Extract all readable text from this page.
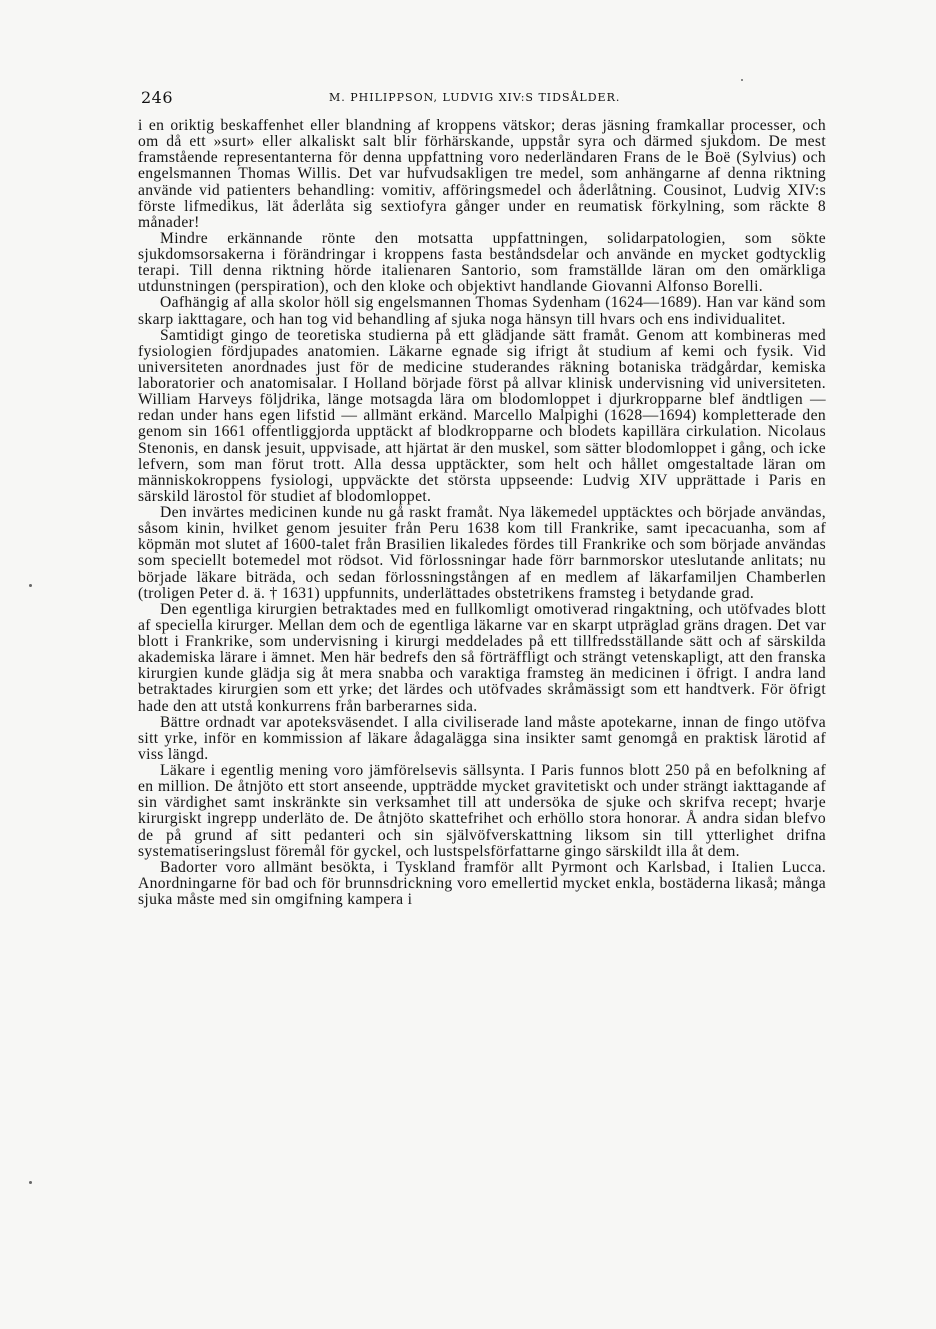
246	M. PHILIPPSON, LUDVIG XIV:S TIDSÅLDER.

i en oriktig beskaffenhet eller blandning af kroppens vätskor; deras jäsning framkallar processer, och om då ett »surt» eller alkaliskt salt blir förhärskande, uppstår syra och därmed sjukdom. De mest framstående representanterna för denna uppfattning voro nederländaren Frans de le Boë (Sylvius) och engelsmannen Thomas Willis. Det var hufvudsakligen tre medel, som anhängarne af denna riktning använde vid patienters behandling: vomitiv, afföringsmedel och åderlåtning. Cousinot, Ludvig XIV:s förste lifmedikus, lät åderlåta sig sextiofyra gånger under en reumatisk förkylning, som räckte 8 månader!

Mindre erkännande rönte den motsatta uppfattningen, solidarpatologien, som sökte sjukdomsorsakerna i förändringar i kroppens fasta beståndsdelar och använde en mycket godtycklig terapi. Till denna riktning hörde italienaren Santorio, som framställde läran om den omärkliga utdunstningen (perspiration), och den kloke och objektivt handlande Giovanni Alfonso Borelli.

Oafhängig af alla skolor höll sig engelsmannen Thomas Sydenham (1624—1689). Han var känd som skarp iakttagare, och han tog vid behandling af sjuka noga hänsyn till hvars och ens individualitet.

Samtidigt gingo de teoretiska studierna på ett glädjande sätt framåt. Genom att kombineras med fysiologien fördjupades anatomien. Läkarne egnade sig ifrigt åt studium af kemi och fysik. Vid universiteten anordnades just för de medicine studerandes räkning botaniska trädgårdar, kemiska laboratorier och anatomisalar. I Holland började först på allvar klinisk undervisning vid universiteten. William Harveys följdrika, länge motsagda lära om blodomloppet i djurkropparne blef ändtligen — redan under hans egen lifstid — allmänt erkänd. Marcello Malpighi (1628—1694) kompletterade den genom sin 1661 offentliggjorda upptäckt af blodkropparne och blodets kapillära cirkulation. Nicolaus Stenonis, en dansk jesuit, uppvisade, att hjärtat är den muskel, som sätter blodomloppet i gång, och icke lefvern, som man förut trott. Alla dessa upptäckter, som helt och hållet omgestaltade läran om människokroppens fysiologi, uppväckte det största uppseende: Ludvig XIV upprättade i Paris en särskild lärostol för studiet af blodomloppet.

Den invärtes medicinen kunde nu gå raskt framåt. Nya läkemedel upptäcktes och började användas, såsom kinin, hvilket genom jesuiter från Peru 1638 kom till Frankrike, samt ipecacuanha, som af köpmän mot slutet af 1600-talet från Brasilien likaledes fördes till Frankrike och som började användas som speciellt botemedel mot rödsot. Vid förlossningar hade förr barnmorskor uteslutande anlitats; nu började läkare biträda, och sedan förlossningstången af en medlem af läkarfamiljen Chamberlen (troligen Peter d. ä. † 1631) uppfunnits, underlättades obstetrikens framsteg i betydande grad.

Den egentliga kirurgien betraktades med en fullkomligt omotiverad ringaktning, och utöfvades blott af speciella kirurger. Mellan dem och de egentliga läkarne var en skarpt utpräglad gräns dragen. Det var blott i Frankrike, som undervisning i kirurgi meddelades på ett tillfredsställande sätt och af särskilda akademiska lärare i ämnet. Men här bedrefs den så förträffligt och strängt vetenskapligt, att den franska kirurgien kunde glädja sig åt mera snabba och varaktiga framsteg än medicinen i öfrigt. I andra land betraktades kirurgien som ett yrke; det lärdes och utöfvades skråmässigt som ett handtverk. För öfrigt hade den att utstå konkurrens från barberarnes sida.

Bättre ordnadt var apoteksväsendet. I alla civiliserade land måste apotekarne, innan de fingo utöfva sitt yrke, inför en kommission af läkare ådagalägga sina insikter samt genomgå en praktisk lärotid af viss längd.

Läkare i egentlig mening voro jämförelsevis sällsynta. I Paris funnos blott 250 på en befolkning af en million. De åtnjöto ett stort anseende, uppträdde mycket gravitetiskt och under strängt iakttagande af sin värdighet samt inskränkte sin verksamhet till att undersöka de sjuke och skrifva recept; hvarje kirurgiskt ingrepp underläto de. De åtnjöto skattefrihet och erhöllo stora honorar. Å andra sidan blefvo de på grund af sitt pedanteri och sin självöfverskattning liksom sin till ytterlighet drifna systematiseringslust föremål för gyckel, och lustspelsförfattarne gingo särskildt illa åt dem.

Badorter voro allmänt besökta, i Tyskland framför allt Pyrmont och Karlsbad, i Italien Lucca. Anordningarne för bad och för brunnsdrickning voro emellertid mycket enkla, bostäderna likaså; många sjuka måste med sin omgifning kampera i
